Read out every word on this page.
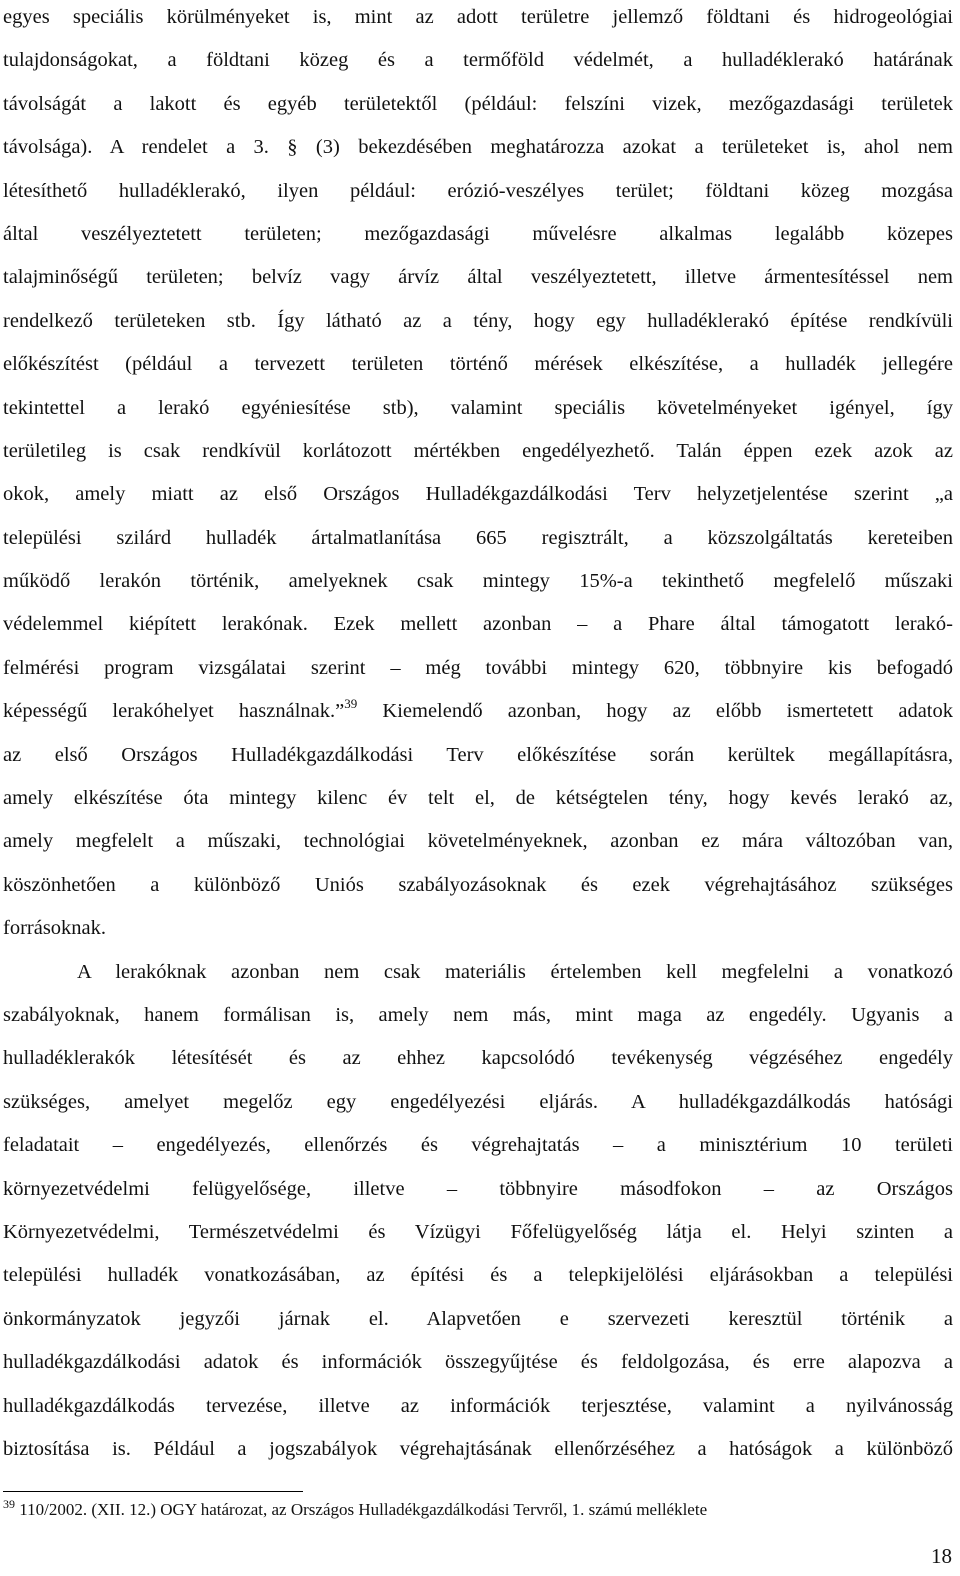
egyes speciális körülményeket is, mint az adott területre jellemző földtani és hidrogeológiai
tulajdonságokat, a földtani közeg és a termőföld védelmét, a hulladéklerakó határának
távolságát a lakott és egyéb területektől (például: felszíni vizek, mezőgazdasági területek
távolsága). A rendelet a 3. § (3) bekezdésében meghatározza azokat a területeket is, ahol nem
létesíthető hulladéklerakó, ilyen például: erózió-veszélyes terület; földtani közeg mozgása
által veszélyeztetett területen; mezőgazdasági művelésre alkalmas legalább közepes
talajminőségű területen; belvíz vagy árvíz által veszélyeztetett, illetve ármentesítéssel nem
rendelkező területeken stb. Így látható az a tény, hogy egy hulladéklerakó építése rendkívüli
előkészítést (például a tervezett területen történő mérések elkészítése, a hulladék jellegére
tekintettel a lerakó egyéniesítése stb), valamint speciális követelményeket igényel, így
területileg is csak rendkívül korlátozott mértékben engedélyezhető. Talán éppen ezek azok az
okok, amely miatt az első Országos Hulladékgazdálkodási Terv helyzetjelentése szerint „a
települési szilárd hulladék ártalmatlanítása 665 regisztrált, a közszolgáltatás kereteiben
működő lerakón történik, amelyeknek csak mintegy 15%-a tekinthető megfelelő műszaki
védelemmel kiépített lerakónak. Ezek mellett azonban – a Phare által támogatott lerakó-
felmérési program vizsgálatai szerint – még további mintegy 620, többnyire kis befogadó
képességű lerakóhelyet használnak.”$^{39}$ Kiemelendő azonban, hogy az előbb ismertetett adatok
az első Országos Hulladékgazdálkodási Terv előkészítése során kerültek megállapításra,
amely elkészítése óta mintegy kilenc év telt el, de kétségtelen tény, hogy kevés lerakó az,
amely megfelelt a műszaki, technológiai követelményeknek, azonban ez mára változóban van,
köszönhetően a különböző Uniós szabályozásoknak és ezek végrehajtásához szükséges
forrásoknak.
A lerakóknak azonban nem csak materiális értelemben kell megfelelni a vonatkozó
szabályoknak, hanem formálisan is, amely nem más, mint maga az engedély. Ugyanis a
hulladéklerakók létesítését és az ehhez kapcsolódó tevékenység végzéséhez engedély
szükséges, amelyet megelőz egy engedélyezési eljárás. A hulladékgazdálkodás hatósági
feladatait – engedélyezés, ellenőrzés és végrehajtatás – a minisztérium 10 területi
környezetvédelmi felügyelősége, illetve – többnyire másodfokon – az Országos
Környezetvédelmi, Természetvédelmi és Vízügyi Főfelügyelőség látja el. Helyi szinten a
települési hulladék vonatkozásában, az építési és a telepkijelölési eljárásokban a települési
önkormányzatok jegyzői járnak el. Alapvetően e szervezeti keresztül történik a
hulladékgazdálkodási adatok és információk összegyűjtése és feldolgozása, és erre alapozva a
hulladékgazdálkodás tervezése, illetve az információk terjesztése, valamint a nyilvánosság
biztosítása is. Például a jogszabályok végrehajtásának ellenőrzéséhez a hatóságok a különböző
$^{39}$ 110/2002. (XII. 12.) OGY határozat, az Országos Hulladékgazdálkodási Tervről, 1. számú melléklete
18
